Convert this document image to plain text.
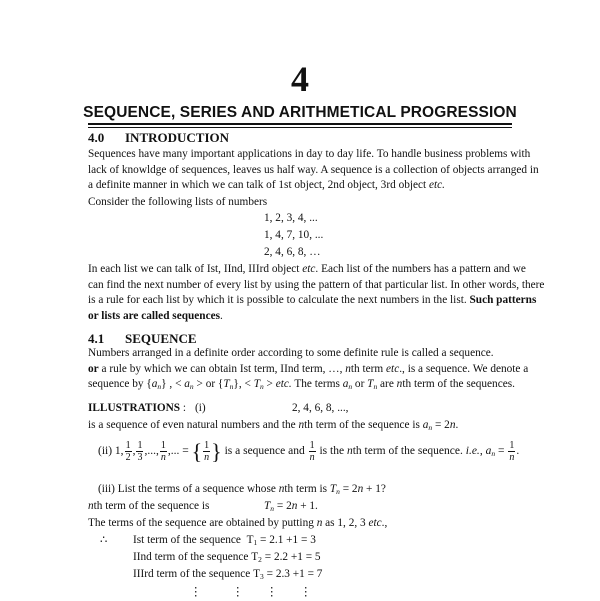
4
SEQUENCE, SERIES AND ARITHMETICAL PROGRESSION
4.0 INTRODUCTION
Sequences have many important applications in day to day life. To handle business problems with
lack of knowldge of sequences, leaves us half way. A sequence is a collection of objects arranged in
a definite manner in which we can talk of 1st object, 2nd object, 3rd object etc.
Consider the following lists of numbers
1, 2, 3, 4, ...
1, 4, 7, 10, ...
2, 4, 6, 8, …
In each list we can talk of Ist, IInd, IIIrd object etc. Each list of the numbers has a pattern and we
can find the next number of every list by using the pattern of that particular list. In other words, there
is a rule for each list by which it is possible to calculate the next numbers in the list. Such patterns
or lists are called sequences.
4.1 SEQUENCE
Numbers arranged in a definite order according to some definite rule is called a sequence.
or a rule by which we can obtain Ist term, IInd term, …, nth term etc., is a sequence. We denote a
sequence by $\{a_n\}$ , < $a_n$ > or $\{T_n\}$, < $T_n$ > etc. The terms $a_n$ or $T_n$ are nth term of the sequences.
ILLUSTRATIONS : (i)	2, 4, 6, 8, ...,
is a sequence of even natural numbers and the nth term of the sequence is $a_n = 2n$.
(ii) 1, $\frac{1}{2}$ , $\frac{1}{3}$ ,..., $\frac{1}{n}$ ,... = { $\frac{1}{n}$ } is a sequence and $\frac{1}{n}$ is the nth term of the sequence. i.e., $a_n = \frac{1}{n}$ .
(iii) List the terms of a sequence whose nth term is $T_n = 2n + 1$?
nth term of the sequence is	$T_n = 2n + 1$.
The terms of the sequence are obtained by putting n as 1, 2, 3 etc.,
∴ Ist term of the sequence $T_1 = 2.1 +1 = 3$
IInd term of the sequence $T_2 = 2.2 +1 = 5$
IIIrd term of the sequence $T_3 = 2.3 +1 = 7$
⋮	⋮ ⋮ ⋮
